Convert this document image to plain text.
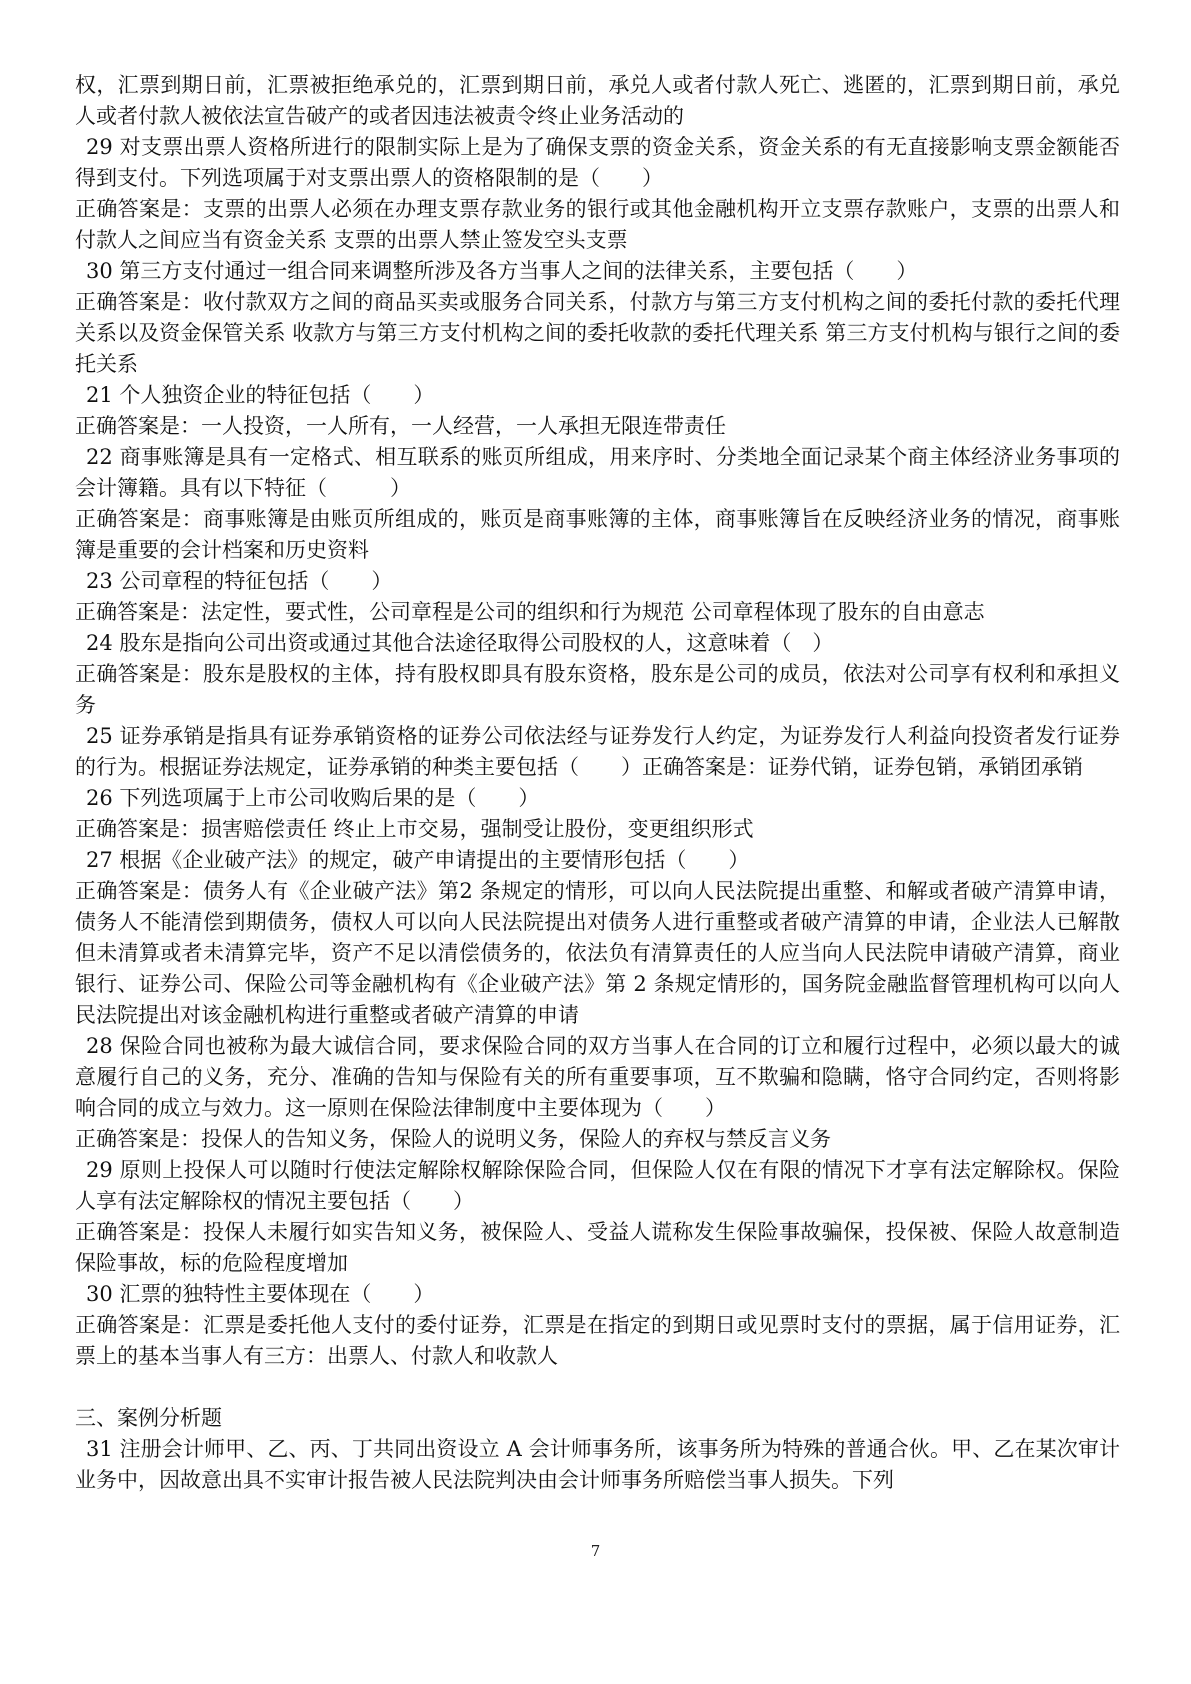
权，汇票到期日前，汇票被拒绝承兑的，汇票到期日前，承兑人或者付款人死亡、逃匿的，汇票到期日前，承兑人或者付款人被依法宣告破产的或者因违法被责令终止业务活动的

29 对支票出票人资格所进行的限制实际上是为了确保支票的资金关系，资金关系的有无直接影响支票金额能否得到支付。下列选项属于对支票出票人的资格限制的是（　　）

正确答案是：支票的出票人必须在办理支票存款业务的银行或其他金融机构开立支票存款账户，支票的出票人和付款人之间应当有资金关系 支票的出票人禁止签发空头支票

30 第三方支付通过一组合同来调整所涉及各方当事人之间的法律关系，主要包括（　　）

正确答案是：收付款双方之间的商品买卖或服务合同关系，付款方与第三方支付机构之间的委托付款的委托代理关系以及资金保管关系 收款方与第三方支付机构之间的委托收款的委托代理关系 第三方支付机构与银行之间的委托关系

21 个人独资企业的特征包括（　　）

正确答案是：一人投资，一人所有，一人经营，一人承担无限连带责任

22 商事账簿是具有一定格式、相互联系的账页所组成，用来序时、分类地全面记录某个商主体经济业务事项的会计簿籍。具有以下特征（　　　）

正确答案是：商事账簿是由账页所组成的，账页是商事账簿的主体，商事账簿旨在反映经济业务的情况，商事账簿是重要的会计档案和历史资料

23 公司章程的特征包括（　　）

正确答案是：法定性，要式性，公司章程是公司的组织和行为规范 公司章程体现了股东的自由意志

24 股东是指向公司出资或通过其他合法途径取得公司股权的人，这意味着（　）

正确答案是：股东是股权的主体，持有股权即具有股东资格，股东是公司的成员，依法对公司享有权利和承担义务

25 证券承销是指具有证券承销资格的证券公司依法经与证券发行人约定，为证券发行人利益向投资者发行证券的行为。根据证券法规定，证券承销的种类主要包括（　　）正确答案是：证券代销，证券包销，承销团承销

26 下列选项属于上市公司收购后果的是（　　）

正确答案是：损害赔偿责任 终止上市交易，强制受让股份，变更组织形式

27 根据《企业破产法》的规定，破产申请提出的主要情形包括（　　）

正确答案是：债务人有《企业破产法》第2 条规定的情形，可以向人民法院提出重整、和解或者破产清算申请，债务人不能清偿到期债务，债权人可以向人民法院提出对债务人进行重整或者破产清算的申请，企业法人已解散但未清算或者未清算完毕，资产不足以清偿债务的，依法负有清算责任的人应当向人民法院申请破产清算，商业银行、证券公司、保险公司等金融机构有《企业破产法》第 2 条规定情形的，国务院金融监督管理机构可以向人民法院提出对该金融机构进行重整或者破产清算的申请

28 保险合同也被称为最大诚信合同，要求保险合同的双方当事人在合同的订立和履行过程中，必须以最大的诚意履行自己的义务，充分、准确的告知与保险有关的所有重要事项，互不欺骗和隐瞒，恪守合同约定，否则将影响合同的成立与效力。这一原则在保险法律制度中主要体现为（　　）

正确答案是：投保人的告知义务，保险人的说明义务，保险人的弃权与禁反言义务

29 原则上投保人可以随时行使法定解除权解除保险合同，但保险人仅在有限的情况下才享有法定解除权。保险人享有法定解除权的情况主要包括（　　）

正确答案是：投保人未履行如实告知义务，被保险人、受益人谎称发生保险事故骗保，投保被、保险人故意制造保险事故，标的危险程度增加

30 汇票的独特性主要体现在（　　）

正确答案是：汇票是委托他人支付的委付证券，汇票是在指定的到期日或见票时支付的票据，属于信用证券，汇票上的基本当事人有三方：出票人、付款人和收款人

三、案例分析题

31 注册会计师甲、乙、丙、丁共同出资设立 A 会计师事务所，该事务所为特殊的普通合伙。甲、乙在某次审计业务中，因故意出具不实审计报告被人民法院判决由会计师事务所赔偿当事人损失。下列

7
